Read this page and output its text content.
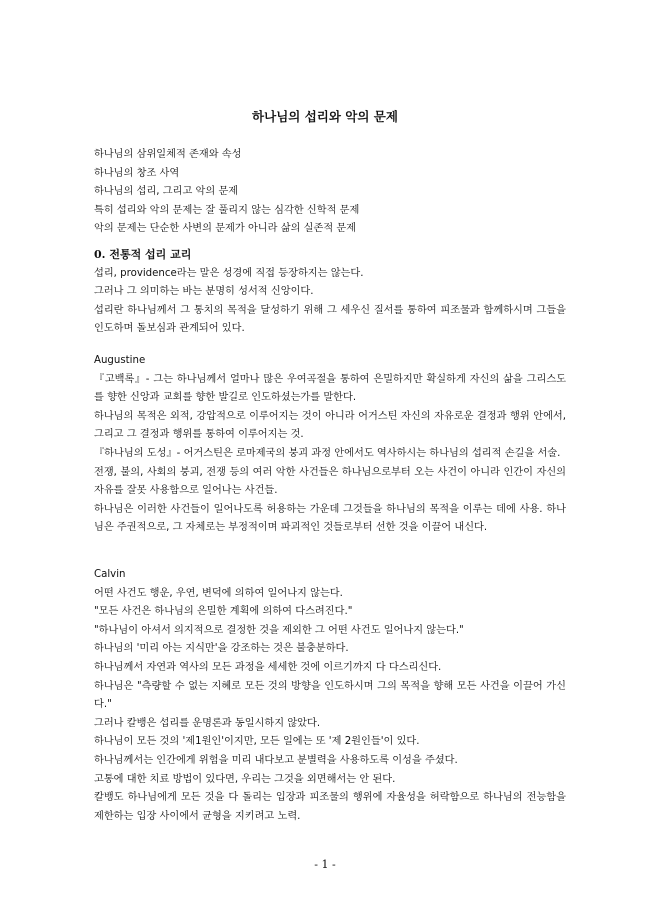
하나님의 섭리와 악의 문제

하나님의 삼위일체적 존재와 속성

하나님의 창조 사역

하나님의 섭리, 그리고 악의 문제

특히 섭리와 악의 문제는 잘 풀리지 않는 심각한 신학적 문제

악의 문제는 단순한 사변의 문제가 아니라 삶의 실존적 문제

0. 전통적 섭리 교리

섭리, providence라는 말은 성경에 직접 등장하지는 않는다.

그러나 그 의미하는 바는 분명히 성서적 신앙이다.

섭리란 하나님께서 그 통치의 목적을 달성하기 위해 그 세우신 질서를 통하여 피조물과 함께하시며 그들을 인도하며 돌보심과 관계되어 있다.

Augustine

『고백록』- 그는 하나님께서 얼마나 많은 우여곡절을 통하여 은밀하지만 확실하게 자신의 삶을 그리스도를 향한 신앙과 교회를 향한 발길로 인도하셨는가를 말한다.

하나님의 목적은 외적, 강압적으로 이루어지는 것이 아니라 어거스틴 자신의 자유로운 결정과 행위 안에서, 그리고 그 결정과 행위를 통하여 이루어지는 것.

『하나님의 도성』- 어거스틴은 로마제국의 붕괴 과정 안에서도 역사하시는 하나님의 섭리적 손길을 서술.

전쟁, 불의, 사회의 붕괴, 전쟁 등의 여러 악한 사건들은 하나님으로부터 오는 사건이 아니라 인간이 자신의 자유를 잘못 사용함으로 일어나는 사건들.

하나님은 이러한 사건들이 일어나도록 허용하는 가운데 그것들을 하나님의 목적을 이루는 데에 사용. 하나님은 주권적으로, 그 자체로는 부정적이며 파괴적인 것들로부터 선한 것을 이끌어 내신다.

Calvin

어떤 사건도 행운, 우연, 변덕에 의하여 일어나지 않는다.

"모든 사건은 하나님의 은밀한 계획에 의하여 다스려진다."

"하나님이 아셔서 의지적으로 결정한 것을 제외한 그 어떤 사건도 일어나지 않는다."

하나님의 '미리 아는 지식만'을 강조하는 것은 불충분하다.

하나님께서 자연과 역사의 모든 과정을 세세한 것에 이르기까지 다 다스리신다.

하나님은 "측량할 수 없는 지혜로 모든 것의 방향을 인도하시며 그의 목적을 향해 모든 사건을 이끌어 가신다."

그러나 칼뱅은 섭리를 운명론과 동일시하지 않았다.

하나님이 모든 것의 '제1원인'이지만, 모든 일에는 또 '제 2원인들'이 있다.

하나님께서는 인간에게 위험을 미리 내다보고 분별력을 사용하도록 이성을 주셨다.

고통에 대한 치료 방법이 있다면, 우리는 그것을 외면해서는 안 된다.

칼뱅도 하나님에게 모든 것을 다 돌리는 입장과 피조물의 행위에 자율성을 허락함으로 하나님의 전능함을 제한하는 입장 사이에서 균형을 지키려고 노력.

- 1 -
